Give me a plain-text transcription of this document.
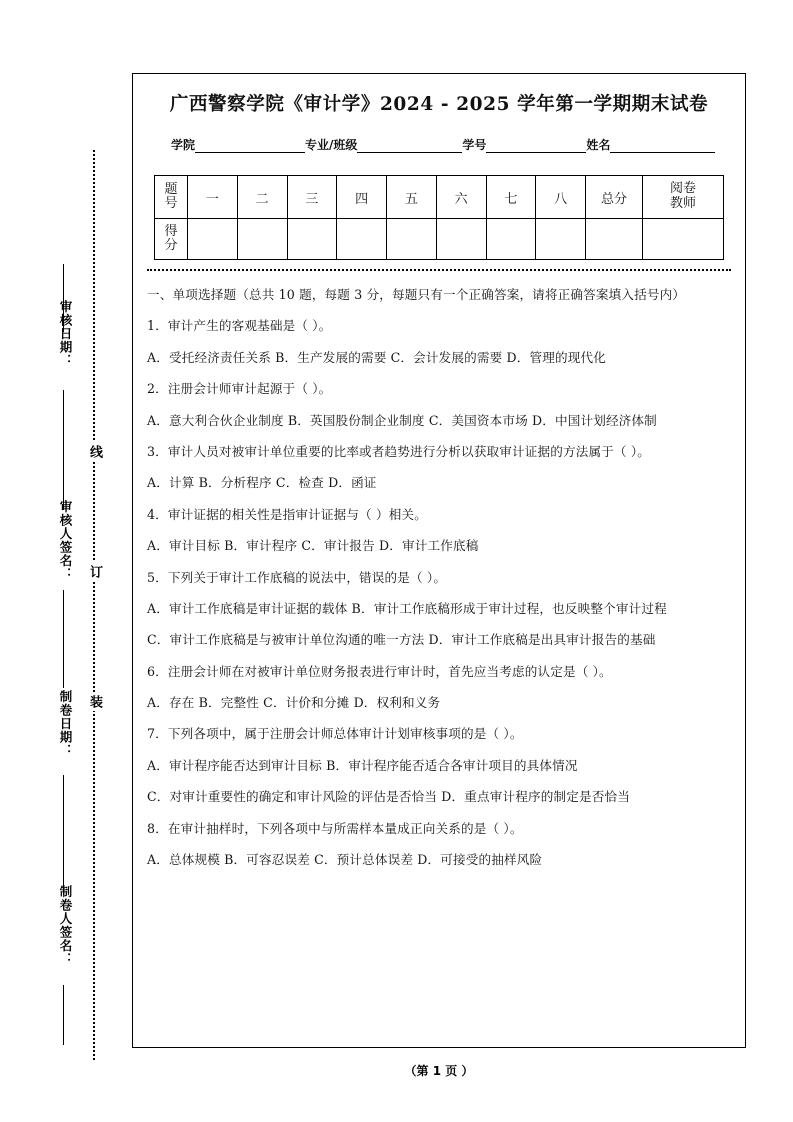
审核日期：
审核人签名：
制卷日期：
制卷人签名：
线
订
装
广西警察学院《审计学》2024 - 2025 学年第一学期期末试卷
学院	专业/班级	学号	姓名
题
号	一	二	三	四	五	六	七	八	总分	阅卷
教师

得
分										

一、单项选择题（总共 10 题，每题 3 分，每题只有一个正确答案，请将正确答案填入括号内）

1．审计产生的客观基础是（ ）。

A．受托经济责任关系 B．生产发展的需要 C．会计发展的需要 D．管理的现代化

2．注册会计师审计起源于（ ）。

A．意大利合伙企业制度 B．英国股份制企业制度 C．美国资本市场 D．中国计划经济体制

3．审计人员对被审计单位重要的比率或者趋势进行分析以获取审计证据的方法属于（ ）。

A．计算 B．分析程序 C．检查 D．函证

4．审计证据的相关性是指审计证据与（ ）相关。

A．审计目标 B．审计程序 C．审计报告 D．审计工作底稿

5．下列关于审计工作底稿的说法中，错误的是（ ）。

A．审计工作底稿是审计证据的载体 B．审计工作底稿形成于审计过程，也反映整个审计过程

C．审计工作底稿是与被审计单位沟通的唯一方法 D．审计工作底稿是出具审计报告的基础

6．注册会计师在对被审计单位财务报表进行审计时，首先应当考虑的认定是（ ）。

A．存在 B．完整性 C．计价和分摊 D．权利和义务

7．下列各项中，属于注册会计师总体审计计划审核事项的是（ ）。

A．审计程序能否达到审计目标 B．审计程序能否适合各审计项目的具体情况

C．对审计重要性的确定和审计风险的评估是否恰当 D．重点审计程序的制定是否恰当

8．在审计抽样时，下列各项中与所需样本量成正向关系的是（ ）。

A．总体规模 B．可容忍误差 C．预计总体误差 D．可接受的抽样风险

（第 1 页 ）
